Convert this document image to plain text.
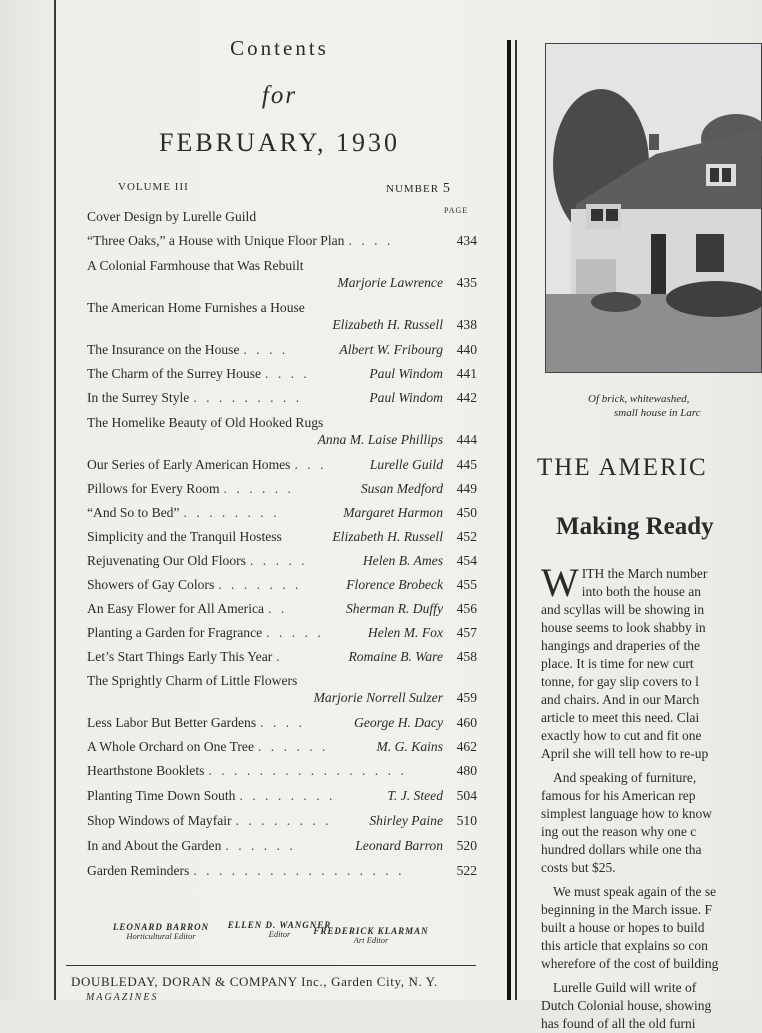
Contents
for
FEBRUARY, 1930
VOLUME III	NUMBER 5
PAGE
Cover Design by Lurelle Guild
“Three Oaks,” a House with Unique Floor Plan . . . .	434
A Colonial Farmhouse that Was Rebuilt
Marjorie Lawrence	435
The American Home Furnishes a House
Elizabeth H. Russell	438
The Insurance on the House . . . .	Albert W. Fribourg	440
The Charm of the Surrey House . . . .	Paul Windom	441
In the Surrey Style . . . . . . . . .	Paul Windom	442
The Homelike Beauty of Old Hooked Rugs
Anna M. Laise Phillips	444
Our Series of Early American Homes . . .	Lurelle Guild	445
Pillows for Every Room . . . . . .	Susan Medford	449
“And So to Bed” . . . . . . . .	Margaret Harmon	450
Simplicity and the Tranquil Hostess	Elizabeth H. Russell	452
Rejuvenating Our Old Floors . . . . .	Helen B. Ames	454
Showers of Gay Colors . . . . . . .	Florence Brobeck	455
An Easy Flower for All America . .	Sherman R. Duffy	456
Planting a Garden for Fragrance . . . . .	Helen M. Fox	457
Let’s Start Things Early This Year .	Romaine B. Ware	458
The Sprightly Charm of Little Flowers
Marjorie Norrell Sulzer	459
Less Labor But Better Gardens . . . .	George H. Dacy	460
A Whole Orchard on One Tree . . . . . .	M. G. Kains	462
Hearthstone Booklets . . . . . . . . . . . . . . . .	480
Planting Time Down South . . . . . . . .	T. J. Steed	504
Shop Windows of Mayfair . . . . . . . .	Shirley Paine	510
In and About the Garden . . . . . .	Leonard Barron	520
Garden Reminders . . . . . . . . . . . . . . . . .	522
ELLEN D. WANGNER
Editor
LEONARD BARRON
Horticultural Editor	FREDERICK KLARMAN
Art Editor
DOUBLEDAY, DORAN & COMPANY Inc., Garden City, N. Y.
MAGAZINES
Of brick, whitewashed,
small house in Larc
THE AMERIC
Making Ready
W ITH the March number

into both the house an

and scyllas will be showing in

house seems to look shabby in

hangings and draperies of the

place. It is time for new curt

tonne, for gay slip covers to l

and chairs. And in our March

article to meet this need. Clai

exactly how to cut and fit one

April she will tell how to re-up

And speaking of furniture,

famous for his American rep

simplest language how to know

ing out the reason why one c

hundred dollars while one tha

costs but $25.

We must speak again of the se

beginning in the March issue. F

built a house or hopes to build

this article that explains so con

wherefore of the cost of building

Lurelle Guild will write of

Dutch Colonial house, showing

has found of all the old furni
